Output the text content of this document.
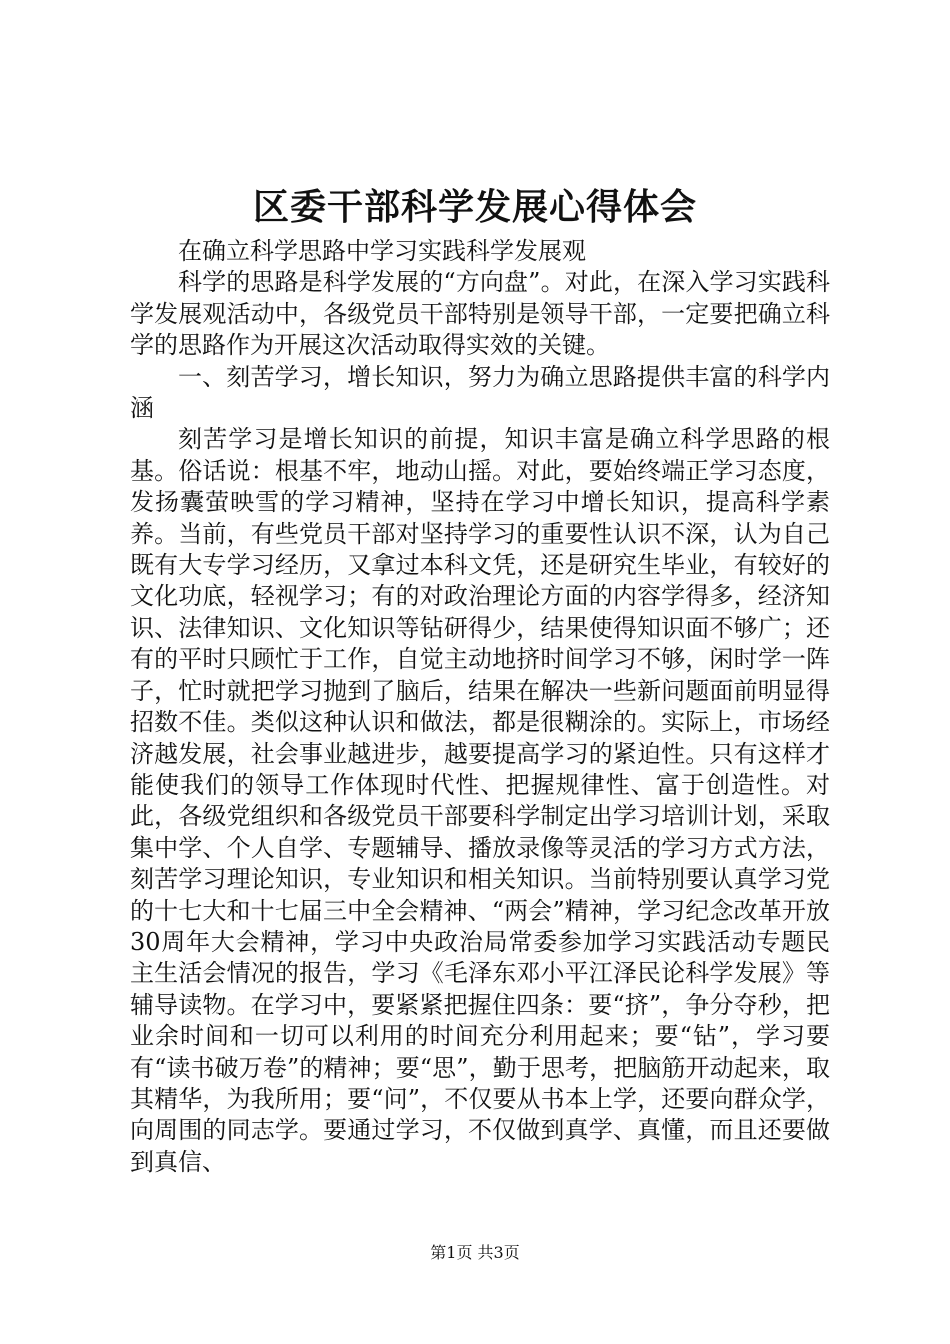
区委干部科学发展心得体会

在确立科学思路中学习实践科学发展观

科学的思路是科学发展的“方向盘”。对此，在深入学习实践科学发展观活动中，各级党员干部特别是领导干部，一定要把确立科学的思路作为开展这次活动取得实效的关键。

一、刻苦学习，增长知识，努力为确立思路提供丰富的科学内涵

刻苦学习是增长知识的前提，知识丰富是确立科学思路的根基。俗话说：根基不牢，地动山摇。对此，要始终端正学习态度，发扬囊萤映雪的学习精神，坚持在学习中增长知识，提高科学素养。当前，有些党员干部对坚持学习的重要性认识不深，认为自己既有大专学习经历，又拿过本科文凭，还是研究生毕业，有较好的文化功底，轻视学习；有的对政治理论方面的内容学得多，经济知识、法律知识、文化知识等钻研得少，结果使得知识面不够广；还有的平时只顾忙于工作，自觉主动地挤时间学习不够，闲时学一阵子，忙时就把学习抛到了脑后，结果在解决一些新问题面前明显得招数不佳。类似这种认识和做法，都是很糊涂的。实际上，市场经济越发展，社会事业越进步，越要提高学习的紧迫性。只有这样才能使我们的领导工作体现时代性、把握规律性、富于创造性。对此，各级党组织和各级党员干部要科学制定出学习培训计划，采取集中学、个人自学、专题辅导、播放录像等灵活的学习方式方法，刻苦学习理论知识，专业知识和相关知识。当前特别要认真学习党的十七大和十七届三中全会精神、“两会”精神，学习纪念改革开放30周年大会精神，学习中央政治局常委参加学习实践活动专题民主生活会情况的报告，学习《毛泽东邓小平江泽民论科学发展》等辅导读物。在学习中，要紧紧把握住四条：要“挤”，争分夺秒，把业余时间和一切可以利用的时间充分利用起来；要“钻”，学习要有“读书破万卷”的精神；要“思”，勤于思考，把脑筋开动起来，取其精华，为我所用；要“问”，不仅要从书本上学，还要向群众学，向周围的同志学。要通过学习，不仅做到真学、真懂，而且还要做到真信、

第1页 共3页
